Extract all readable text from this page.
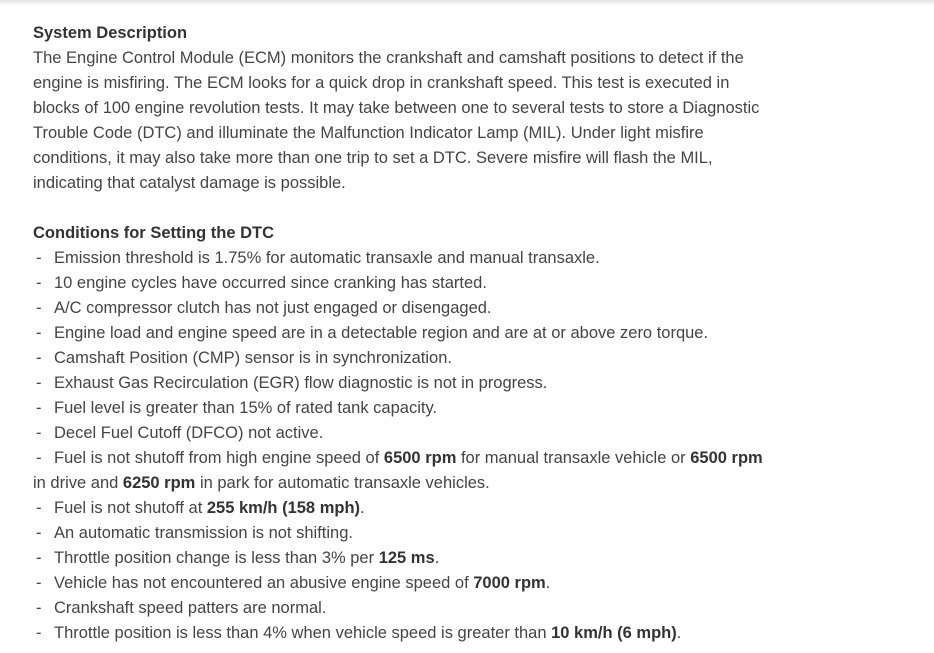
System Description
The Engine Control Module (ECM) monitors the crankshaft and camshaft positions to detect if the
engine is misfiring. The ECM looks for a quick drop in crankshaft speed. This test is executed in
blocks of 100 engine revolution tests. It may take between one to several tests to store a Diagnostic
Trouble Code (DTC) and illuminate the Malfunction Indicator Lamp (MIL). Under light misfire
conditions, it may also take more than one trip to set a DTC. Severe misfire will flash the MIL,
indicating that catalyst damage is possible.
Conditions for Setting the DTC
- Emission threshold is 1.75% for automatic transaxle and manual transaxle.
- 10 engine cycles have occurred since cranking has started.
- A/C compressor clutch has not just engaged or disengaged.
- Engine load and engine speed are in a detectable region and are at or above zero torque.
- Camshaft Position (CMP) sensor is in synchronization.
- Exhaust Gas Recirculation (EGR) flow diagnostic is not in progress.
- Fuel level is greater than 15% of rated tank capacity.
- Decel Fuel Cutoff (DFCO) not active.
- Fuel is not shutoff from high engine speed of 6500 rpm for manual transaxle vehicle or 6500 rpm
in drive and 6250 rpm in park for automatic transaxle vehicles.
- Fuel is not shutoff at 255 km/h (158 mph).
- An automatic transmission is not shifting.
- Throttle position change is less than 3% per 125 ms.
- Vehicle has not encountered an abusive engine speed of 7000 rpm.
- Crankshaft speed patters are normal.
- Throttle position is less than 4% when vehicle speed is greater than 10 km/h (6 mph).
